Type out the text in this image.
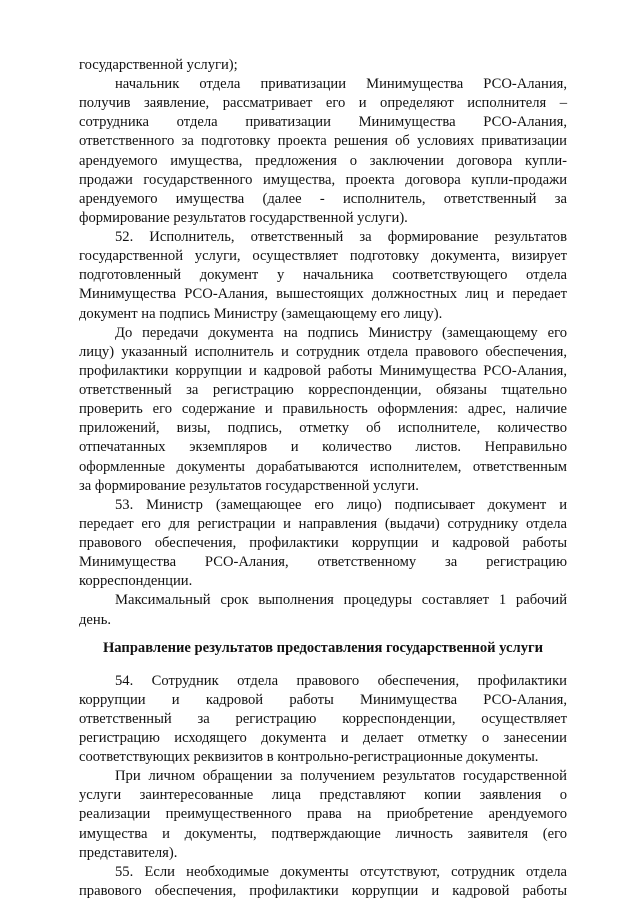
государственной услуги);
начальник отдела приватизации Минимущества РСО-Алания,
получив заявление, рассматривает его и определяют исполнителя –
сотрудника отдела приватизации Минимущества РСО-Алания,
ответственного за подготовку проекта решения об условиях приватизации
арендуемого имущества, предложения о заключении договора купли-
продажи государственного имущества, проекта договора купли-продажи
арендуемого имущества (далее - исполнитель, ответственный за
формирование результатов государственной услуги).
52. Исполнитель, ответственный за формирование результатов
государственной услуги, осуществляет подготовку документа, визирует
подготовленный документ у начальника соответствующего отдела
Минимущества РСО-Алания, вышестоящих должностных лиц и передает
документ на подпись Министру (замещающему его лицу).
До передачи документа на подпись Министру (замещающему его
лицу) указанный исполнитель и сотрудник отдела правового обеспечения,
профилактики коррупции и кадровой работы Минимущества РСО-Алания,
ответственный за регистрацию корреспонденции, обязаны тщательно
проверить его содержание и правильность оформления: адрес, наличие
приложений, визы, подпись, отметку об исполнителе, количество
отпечатанных экземпляров и количество листов. Неправильно
оформленные документы дорабатываются исполнителем, ответственным
за формирование результатов государственной услуги.
53. Министр (замещающее его лицо) подписывает документ и
передает его для регистрации и направления (выдачи) сотруднику отдела
правового обеспечения, профилактики коррупции и кадровой работы
Минимущества РСО-Алания, ответственному за регистрацию
корреспонденции.
Максимальный срок выполнения процедуры составляет 1 рабочий
день.
Направление результатов предоставления государственной услуги
54. Сотрудник отдела правового обеспечения, профилактики
коррупции и кадровой работы Минимущества РСО-Алания,
ответственный за регистрацию корреспонденции, осуществляет
регистрацию исходящего документа и делает отметку о занесении
соответствующих реквизитов в контрольно-регистрационные документы.
При личном обращении за получением результатов государственной
услуги заинтересованные лица представляют копии заявления о
реализации преимущественного права на приобретение арендуемого
имущества и документы, подтверждающие личность заявителя (его
представителя).
55. Если необходимые документы отсутствуют, сотрудник отдела
правового обеспечения, профилактики коррупции и кадровой работы
